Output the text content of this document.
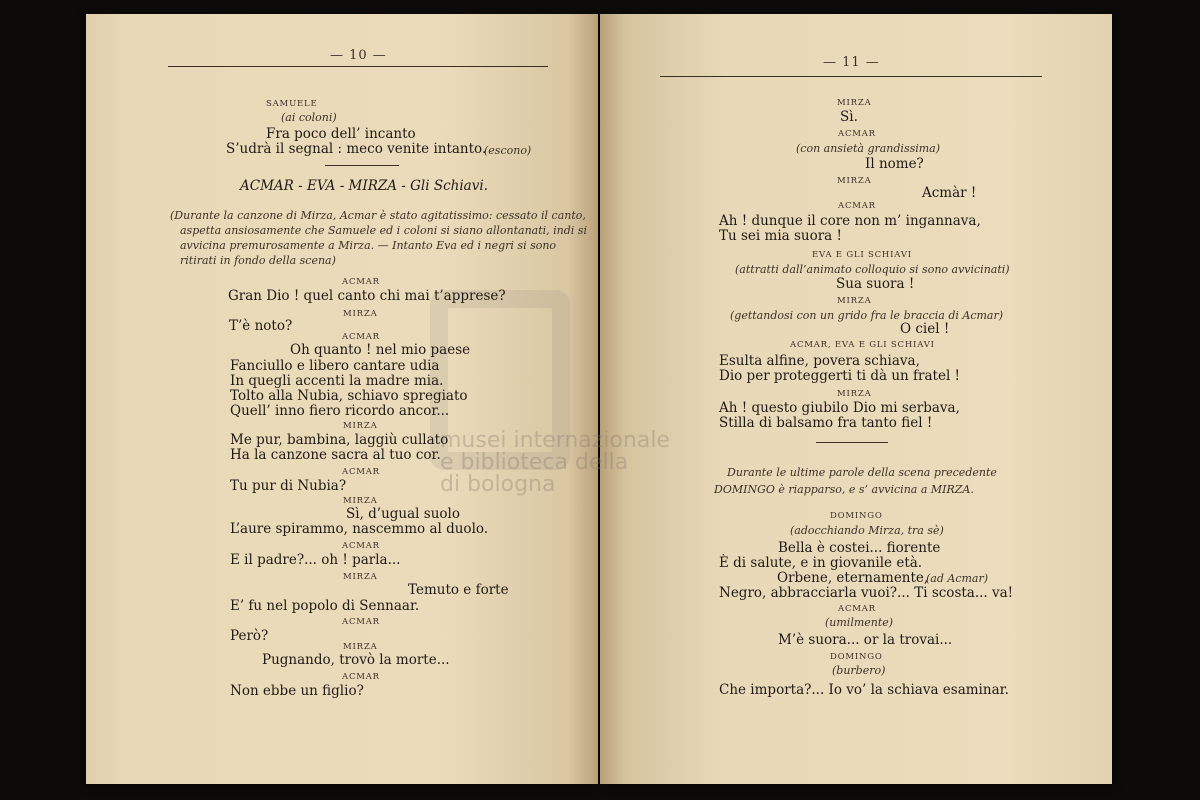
— 10 —	— 11 —
musei internazionale
e biblioteca della
di bologna
SAMUELE
(ai coloni)
Fra poco dell’ incanto
S’udrà il segnal : meco venite intanto.
(escono)
ACMAR - EVA - MIRZA - Gli Schiavi.
(Durante la canzone di Mirza, Acmar è stato agitatissimo: cessato il canto,
aspetta ansiosamente che Samuele ed i coloni si siano allontanati, indi si
avvicina premurosamente a Mirza. — Intanto Eva ed i negri si sono
ritirati in fondo della scena)
ACMAR
Gran Dio ! quel canto chi mai t’apprese?
MIRZA
T’è noto?
ACMAR
Oh quanto ! nel mio paese
Fanciullo e libero cantare udia
In quegli accenti la madre mia.
Tolto alla Nubia, schiavo spregiato
Quell’ inno fiero ricordo ancor...
MIRZA
Me pur, bambina, laggiù cullato
Ha la canzone sacra al tuo cor.
ACMAR
Tu pur di Nubia?
MIRZA
Sì, d’ugual suolo
L’aure spirammo, nascemmo al duolo.
ACMAR
E il padre?... oh ! parla...
MIRZA
Temuto e forte
E’ fu nel popolo di Sennaar.
ACMAR
Però?
MIRZA
Pugnando, trovò la morte...
ACMAR
Non ebbe un figlio?
MIRZA
Sì.
ACMAR
(con ansietà grandissima)
Il nome?
MIRZA
Acmàr !
ACMAR
Ah ! dunque il core non m’ ingannava,
Tu sei mia suora !
EVA E GLI SCHIAVI
(attratti dall’animato colloquio si sono avvicinati)
Sua suora !
MIRZA
(gettandosi con un grido fra le braccia di Acmar)
O ciel !
ACMAR, EVA E GLI SCHIAVI
Esulta alfine, povera schiava,
Dio per proteggerti ti dà un fratel !
MIRZA
Ah ! questo giubilo Dio mi serbava,
Stilla di balsamo fra tanto fiel !
Durante le ultime parole della scena precedente
DOMINGO è riapparso, e s’ avvicina a MIRZA.
DOMINGO
(adocchiando Mirza, tra sè)
Bella è costei... fiorente
È di salute, e in giovanile età.
Orbene, eternamente,
(ad Acmar)
Negro, abbracciarla vuoi?... Ti scosta... va!
ACMAR
(umilmente)
M’è suora... or la trovai...
DOMINGO
(burbero)
Che importa?... Io vo’ la schiava esaminar.
